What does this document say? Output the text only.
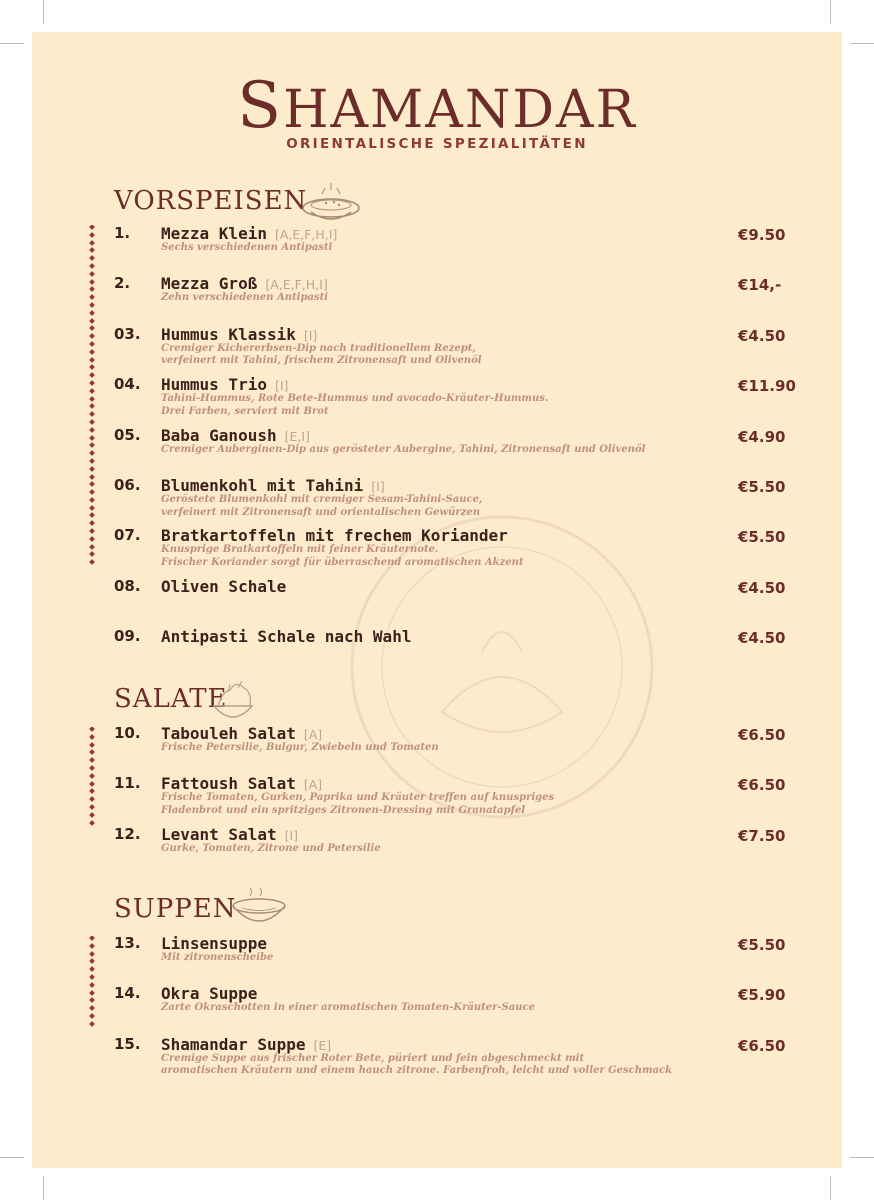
SHAMANDAR
ORIENTALISCHE SPEZIALITÄTEN
VORSPEISEN
1. Mezza Klein [A,E,F,H,I]
Sechs verschiedenen Antipasti
€9.50
2. Mezza Groß [A,E,F,H,I]
Zehn verschiedenen Antipasti
€14,-
03. Hummus Klassik [I]
Cremiger Kichererbsen-Dip nach traditionellem Rezept,
verfeinert mit Tahini, frischem Zitronensaft und Olivenöl
€4.50
04. Hummus Trio [I]
Tahini-Hummus, Rote Bete-Hummus und avocado-Kräuter-Hummus.
Drei Farben, serviert mit Brot
€11.90
05. Baba Ganoush [E,I]
Cremiger Auberginen-Dip aus gerösteter Aubergine, Tahini, Zitronensaft und Olivenöl
€4.90
06. Blumenkohl mit Tahini [I]
Geröstete Blumenkohl mit cremiger Sesam-Tahini-Sauce,
verfeinert mit Zitronensaft und orientalischen Gewürzen
€5.50
07. Bratkartoffeln mit frechem Koriander
Knusprige Bratkartoffeln mit feiner Kräuternote.
Frischer Koriander sorgt für überraschend aromatischen Akzent
€5.50
08. Oliven Schale	€4.50
09. Antipasti Schale nach Wahl	€4.50
SALATE
10. Tabouleh Salat [A]
Frische Petersilie, Bulgur, Zwiebeln und Tomaten
€6.50
11. Fattoush Salat [A]
Frische Tomaten, Gurken, Paprika und Kräuter treffen auf knuspriges
Fladenbrot und ein spritziges Zitronen-Dressing mit Granatapfel
€6.50
12. Levant Salat [I]
Gurke, Tomaten, Zitrone und Petersilie
€7.50
SUPPEN
13. Linsensuppe
Mit zitronenscheibe
€5.50
14. Okra Suppe
Zarte Okraschotten in einer aromatischen Tomaten-Kräuter-Sauce
€5.90
15. Shamandar Suppe [E]
Cremige Suppe aus frischer Roter Bete, püriert und fein abgeschmeckt mit
aromatischen Kräutern und einem hauch zitrone. Farbenfroh, leicht und voller Geschmack
€6.50
